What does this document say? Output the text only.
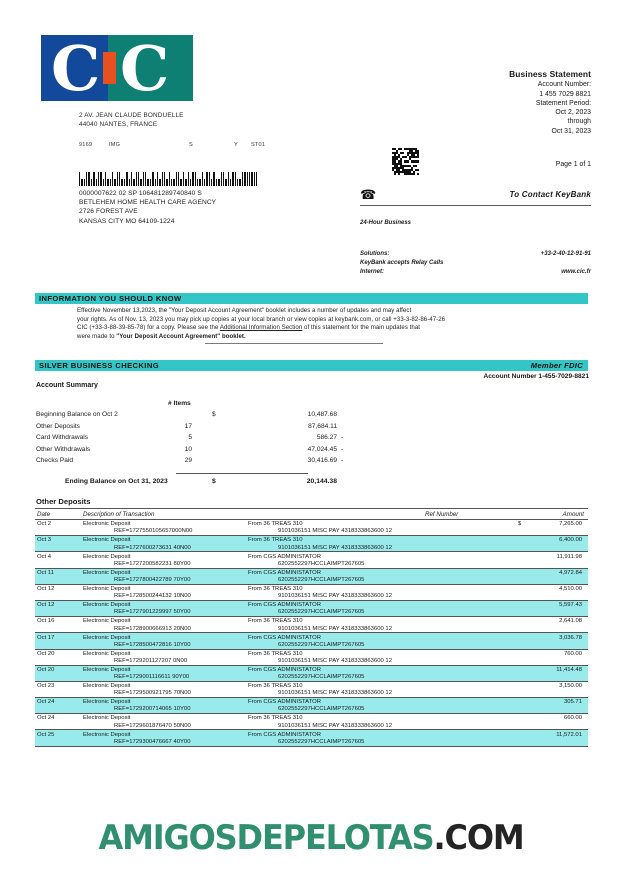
C C
2 AV. JEAN CLAUDE BONDUELLE
44040 NANTES, FRANCE
9169	IMG	S	Y ST01
0000007622 02 SP 106481289740840 S
BETLEHEM HOME HEALTH CARE AGENCY
2726 FOREST AVE
KANSAS CITY MO 64109-1224
Business Statement
Account Number:
1 455 7029 8821
Statement Period:
Oct 2, 2023
through
Oct 31, 2023
Page 1 of 1
☎	To Contact KeyBank
24-Hour Business
Solutions:	+33-2-40-12-91-91
KeyBank accepts Relay Calls
Internet:	www.cic.fr
INFORMATION YOU SHOULD KNOW
Effective November 13,2023, the "Your Deposit Account Agreement" booklet includes a number of updates and may affect
your rights. As of Nov. 13, 2023 you may pick up copies at your local branch or view copies at keybank.com, or call +33-3-82-86-47-26
CIC (+33-3-88-39-85-78) for a copy. Please see the Additional Information Section of this statement for the main updates that
were made to "Your Deposit Account Agreement" booklet.
SILVER BUSINESS CHECKING	Member FDIC
Account Number 1-455-7029-8821
Account Summary
# Items
Beginning Balance on Oct 2	$	10,487.68
Other Deposits	17	87,684.11
Card Withdrawals	5	586.27 -
Other Withdrawals	10	47,024.45 -
Checks Paid	29	30,416.69 -
Ending Balance on Oct 31, 2023	$	20,144.38
Other Deposits
Date	Description of Transaction	Ref Number	Amount
Oct 2	Electronic Deposit
REF=1727550105657000N00
From 36 TREAS 310
9101036151 MISC PAY 4318333863600 12
$	7,265.00
Oct 3	Electronic Deposit
REF=1727600273631 40N00
From 36 TREAS 310
9101036151 MISC PAY 4318333863600 12
6,400.00
Oct 4	Electronic Deposit
REF=1727200582231 80Y00
From CGS ADMINISTATOR
6202552297HCCLAIMPT267605
11,911.98
Oct 11	Electronic Deposit
REF=1727800422789 70Y00
From CGS ADMINISTATOR
6202552297HCCLAIMPT267605
4,972.84
Oct 12	Electronic Deposit
REF=1728500244132 10N00
From 36 TREAS 310
9101036151 MISC PAY 4318333863600 12
4,510.00
Oct 12	Electronic Deposit
REF=1727901229997 50Y00
From CGS ADMINISTATOR
6202552297HCCLAIMPT267605
5,597.43
Oct 16	Electronic Deposit
REF=1728900666913 20N00
From 36 TREAS 310
9101036151 MISC PAY 4318333863600 12
2,641.08
Oct 17	Electronic Deposit
REF=1728500472816 10Y00
From CGS ADMINISTATOR
6202552297HCCLAIMPT267605
3,036.78
Oct 20	Electronic Deposit
REF=1729201127207 0N00
From 36 TREAS 310
9101036151 MISC PAY 4318333863600 12
760.00
Oct 20	Electronic Deposit
REF=1729001116611 90Y00
From CGS ADMINISTATOR
6202552297HCCLAIMPT267605
11,414.48
Oct 23	Electronic Deposit
REF=1729500921795 70N00
From 36 TREAS 310
9101036151 MISC PAY 4318333863600 12
3,150.00
Oct 24	Electronic Deposit
REF=1729200714065 10Y00
From CGS ADMINISTATOR
6202552297HCCLAIMPT267605
305.71
Oct 24	Electronic Deposit
REF=1729601876470 50N00
From 36 TREAS 310
9101036151 MISC PAY 4318333863600 12
660.00
Oct 25	Electronic Deposit
REF=1729300476667 40Y00
From CGS ADMINISTATOR
6202552297HCCLAIMPT267605
11,572.01
AMIGOSDEPELOTAS.COM
